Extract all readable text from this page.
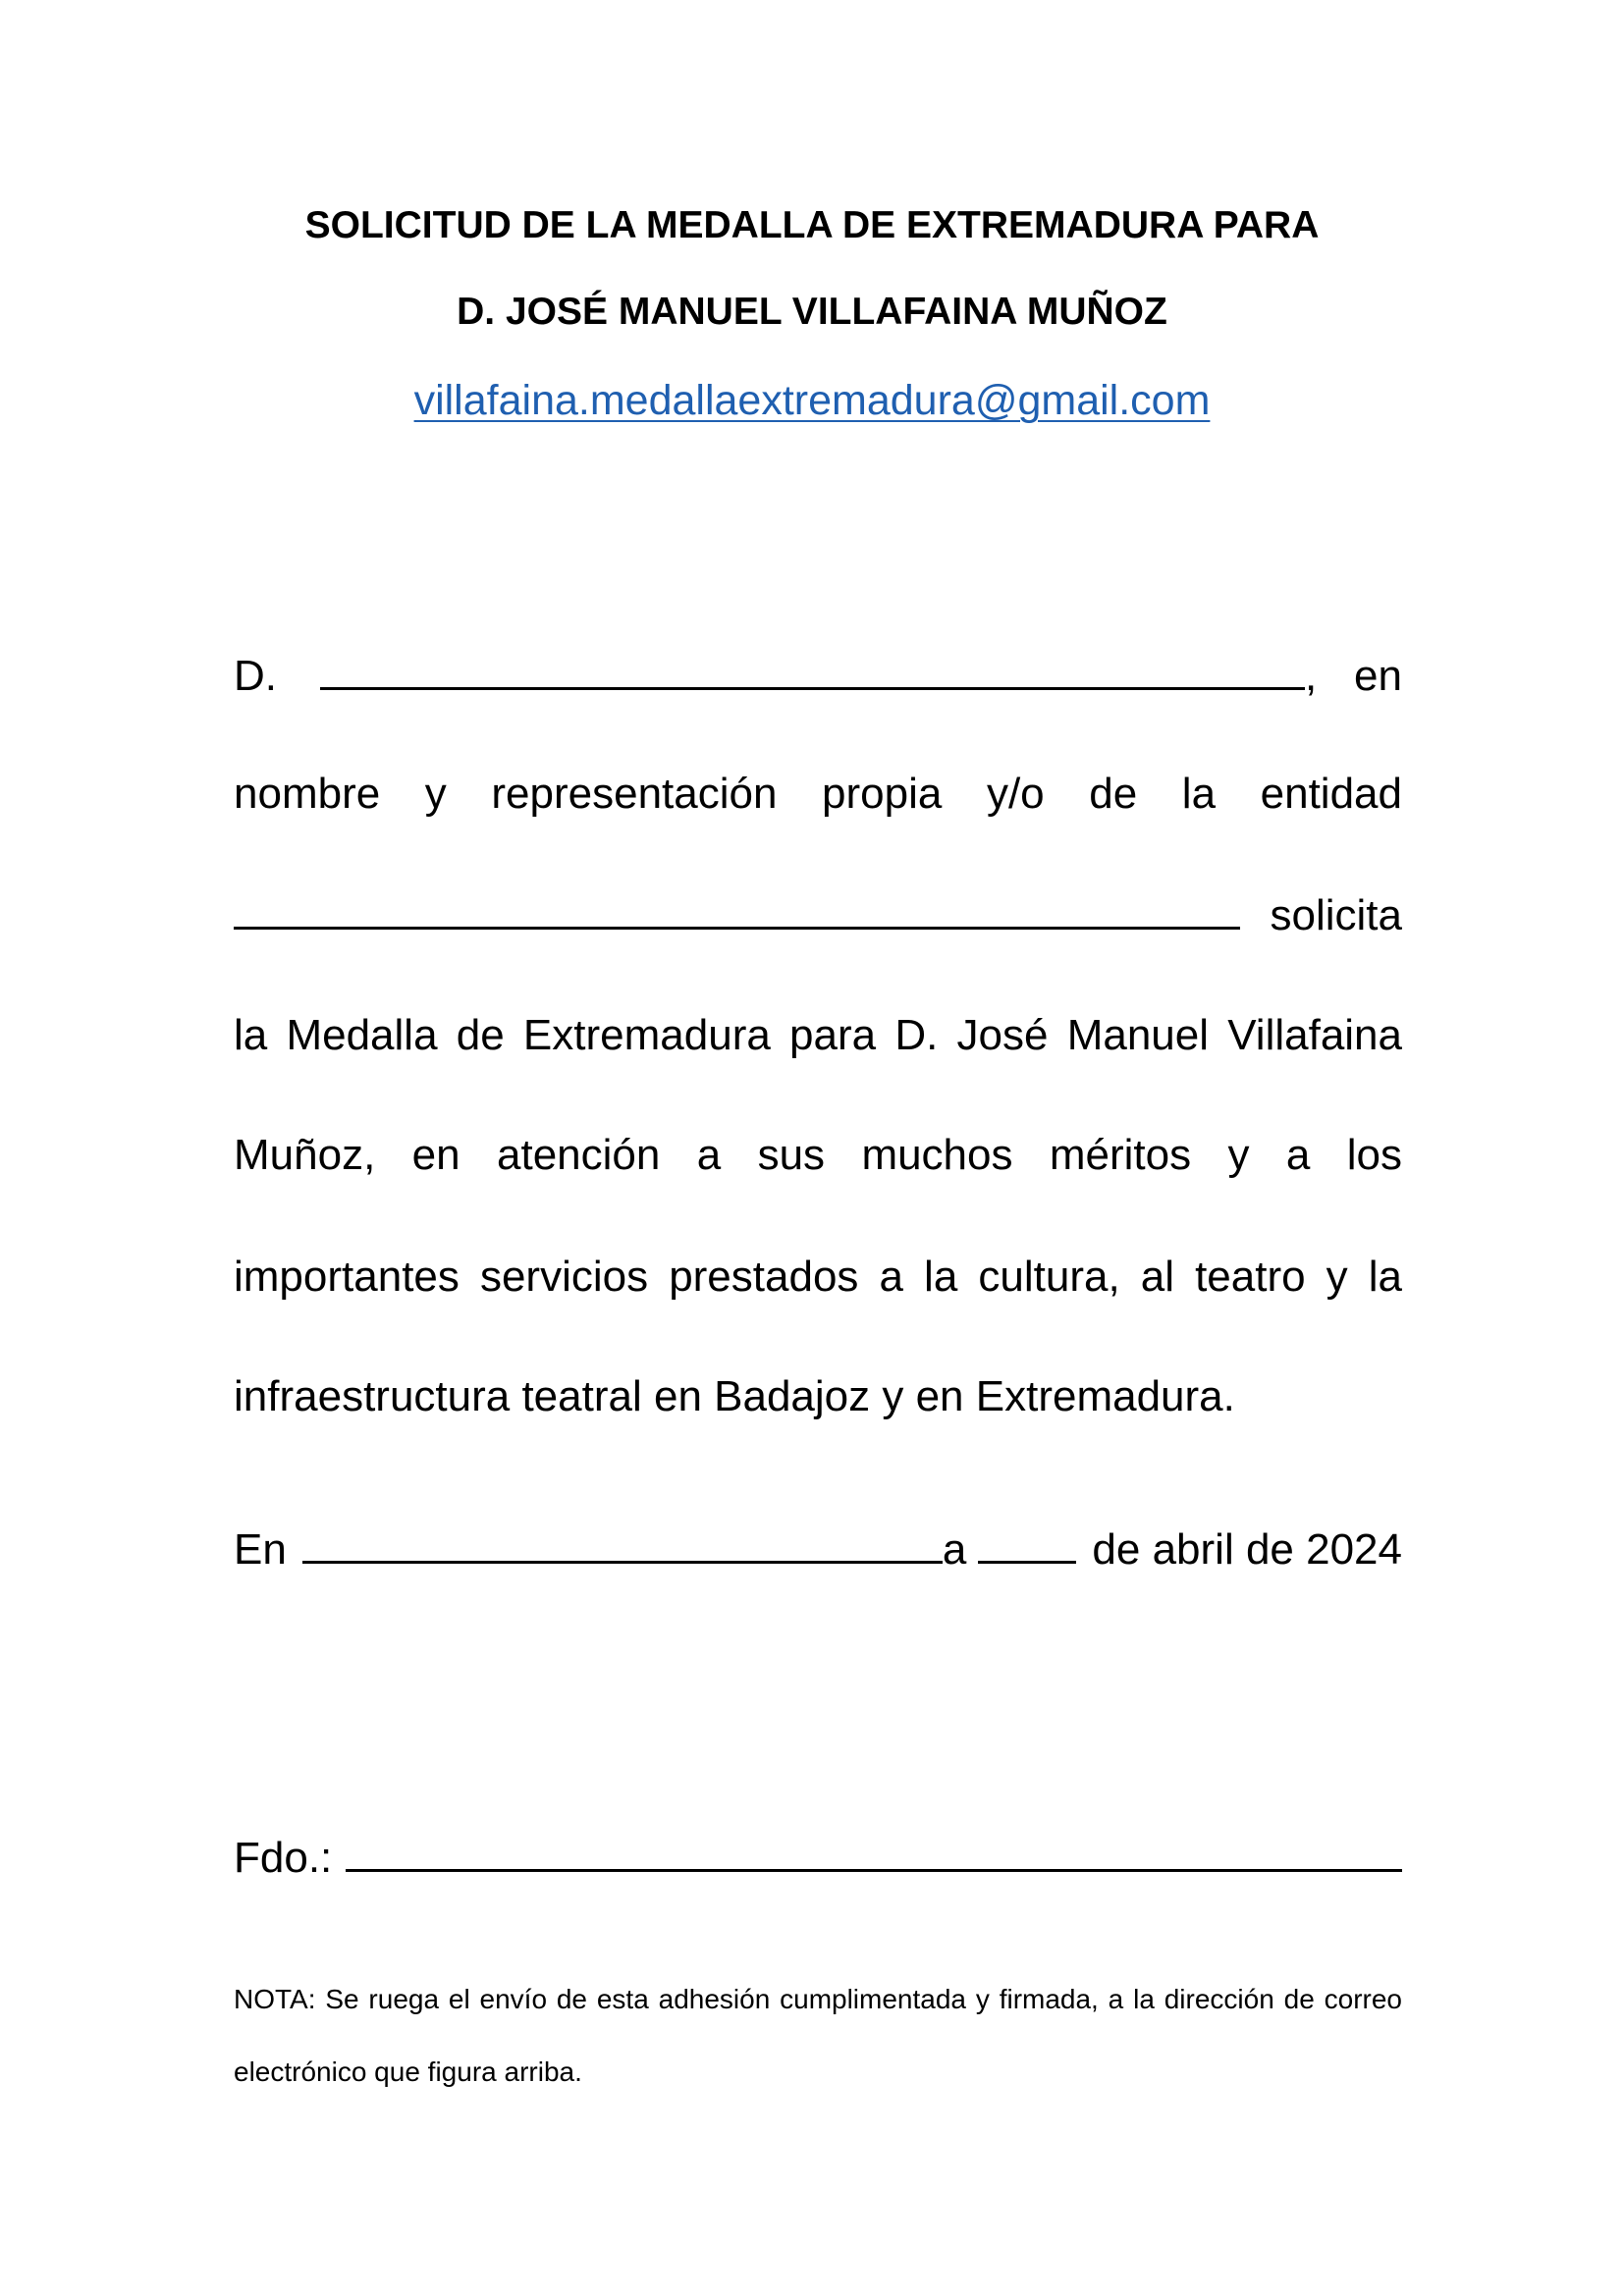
SOLICITUD DE LA MEDALLA DE EXTREMADURA PARA
D. JOSÉ MANUEL VILLAFAINA MUÑOZ
villafaina.medallaextremadura@gmail.com
D.	, en
nombre y representación propia y/o de la entidad
solicita
la Medalla de Extremadura para D. José Manuel Villafaina
Muñoz, en atención a sus muchos méritos y a los
importantes servicios prestados a la cultura, al teatro y la
infraestructura teatral en Badajoz y en Extremadura.
En	a	de abril de 2024
Fdo.:
NOTA: Se ruega el envío de esta adhesión cumplimentada y firmada, a la dirección de correo
electrónico que figura arriba.
